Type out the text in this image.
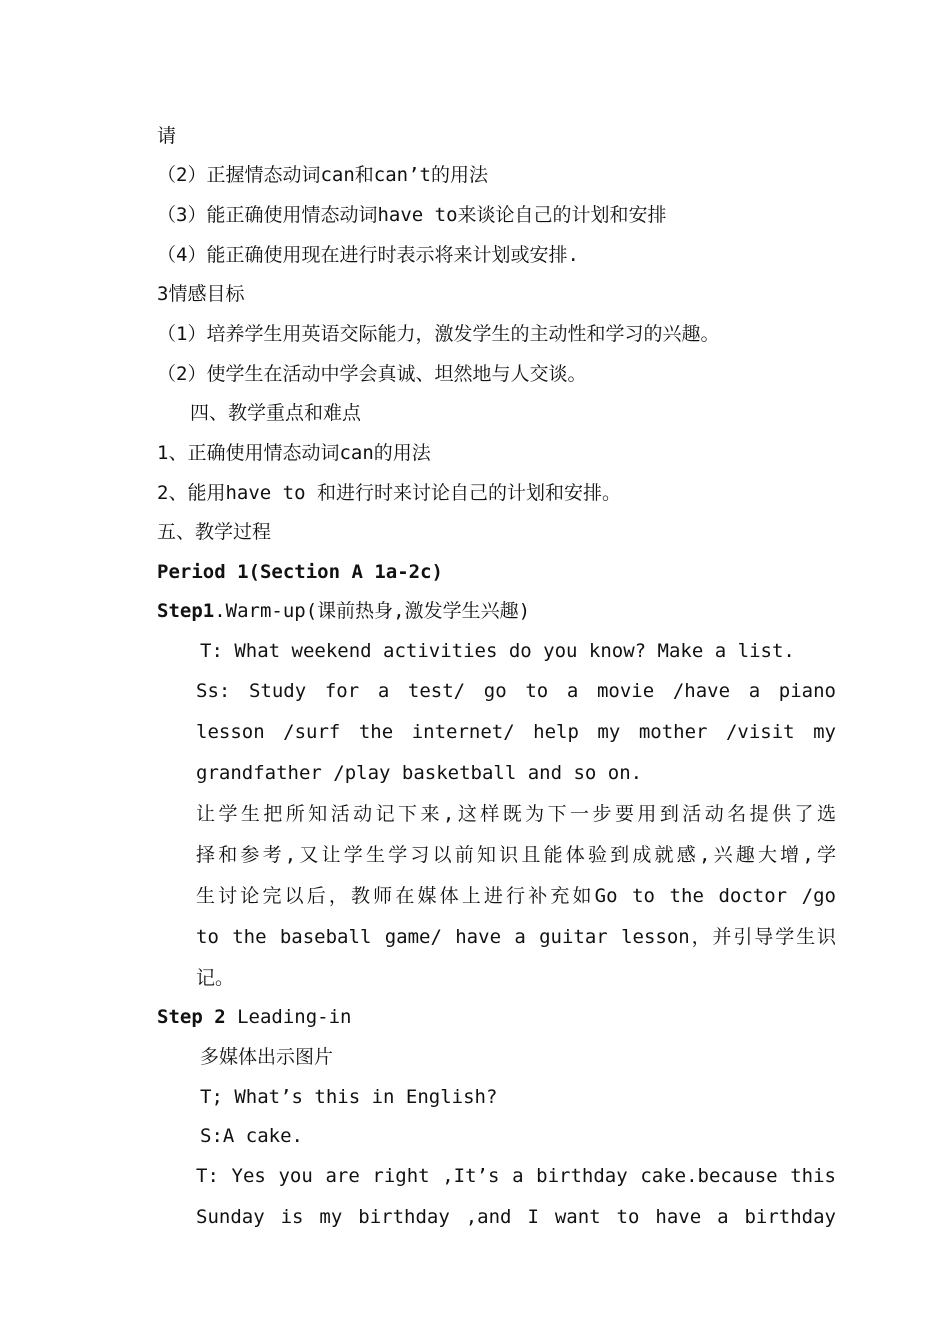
请
（2）正握情态动词can和can’t的用法
（3）能正确使用情态动词have to来谈论自己的计划和安排
（4）能正确使用现在进行时表示将来计划或安排.
3情感目标
（1）培养学生用英语交际能力，激发学生的主动性和学习的兴趣。
（2）使学生在活动中学会真诚、坦然地与人交谈。
四、教学重点和难点
1、正确使用情态动词can的用法
2、能用have to 和进行时来讨论自己的计划和安排。
五、教学过程
Period 1(Section A 1a-2c)
Step1.Warm-up(课前热身,激发学生兴趣)
T: What weekend activities do you know? Make a list.
Ss: Study for a test/ go to a movie /have a piano
lesson /surf the internet/ help my mother /visit my
grandfather /play basketball and so on.
让学生把所知活动记下来,这样既为下一步要用到活动名提供了选
择和参考,又让学生学习以前知识且能体验到成就感,兴趣大增,学
生讨论完以后，教师在媒体上进行补充如Go to the doctor /go
to the baseball game/ have a guitar lesson，并引导学生识
记。
Step 2 Leading-in
多媒体出示图片
T; What’s this in English?
S:A cake.
T: Yes you are right ,It’s a birthday cake.because this
Sunday is my birthday ,and I want to have a birthday
